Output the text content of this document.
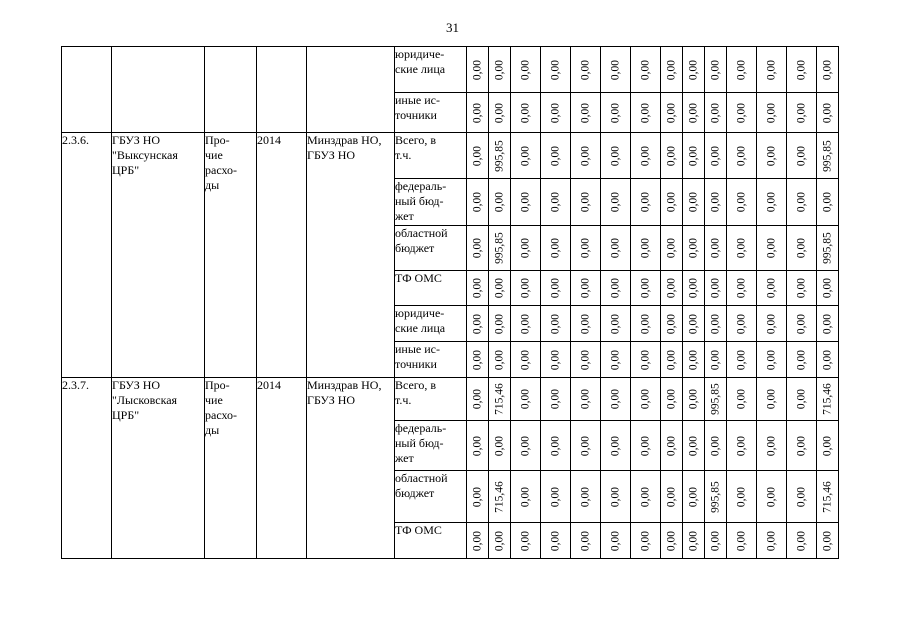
31

					юридиче-
ские лица	0,00	0,00	0,00	0,00	0,00	0,00	0,00	0,00	0,00	0,00	0,00	0,00	0,00	0,00

					иные ис-
точники	0,00	0,00	0,00	0,00	0,00	0,00	0,00	0,00	0,00	0,00	0,00	0,00	0,00	0,00

2.3.6.	ГБУЗ НО "Выксунская ЦРБ"	Про-
чие
расхо-
ды	2014	Минздрав НО, ГБУЗ НО	Всего, в
т.ч.	0,00	995,85	0,00	0,00	0,00	0,00	0,00	0,00	0,00	0,00	0,00	0,00	0,00	995,85

					федераль-
ный бюд-
жет	0,00	0,00	0,00	0,00	0,00	0,00	0,00	0,00	0,00	0,00	0,00	0,00	0,00	0,00

					областной
бюджет	0,00	995,85	0,00	0,00	0,00	0,00	0,00	0,00	0,00	0,00	0,00	0,00	0,00	995,85

					ТФ ОМС	0,00	0,00	0,00	0,00	0,00	0,00	0,00	0,00	0,00	0,00	0,00	0,00	0,00	0,00

					юридиче-
ские лица	0,00	0,00	0,00	0,00	0,00	0,00	0,00	0,00	0,00	0,00	0,00	0,00	0,00	0,00

					иные ис-
точники	0,00	0,00	0,00	0,00	0,00	0,00	0,00	0,00	0,00	0,00	0,00	0,00	0,00	0,00

2.3.7.	ГБУЗ НО "Лысковская ЦРБ"	Про-
чие
расхо-
ды	2014	Минздрав НО, ГБУЗ НО	Всего, в
т.ч.	0,00	715,46	0,00	0,00	0,00	0,00	0,00	0,00	0,00	995,85	0,00	0,00	0,00	715,46

					федераль-
ный бюд-
жет	0,00	0,00	0,00	0,00	0,00	0,00	0,00	0,00	0,00	0,00	0,00	0,00	0,00	0,00

					областной
бюджет	0,00	715,46	0,00	0,00	0,00	0,00	0,00	0,00	0,00	995,85	0,00	0,00	0,00	715,46

					ТФ ОМС	0,00	0,00	0,00	0,00	0,00	0,00	0,00	0,00	0,00	0,00	0,00	0,00	0,00	0,00
